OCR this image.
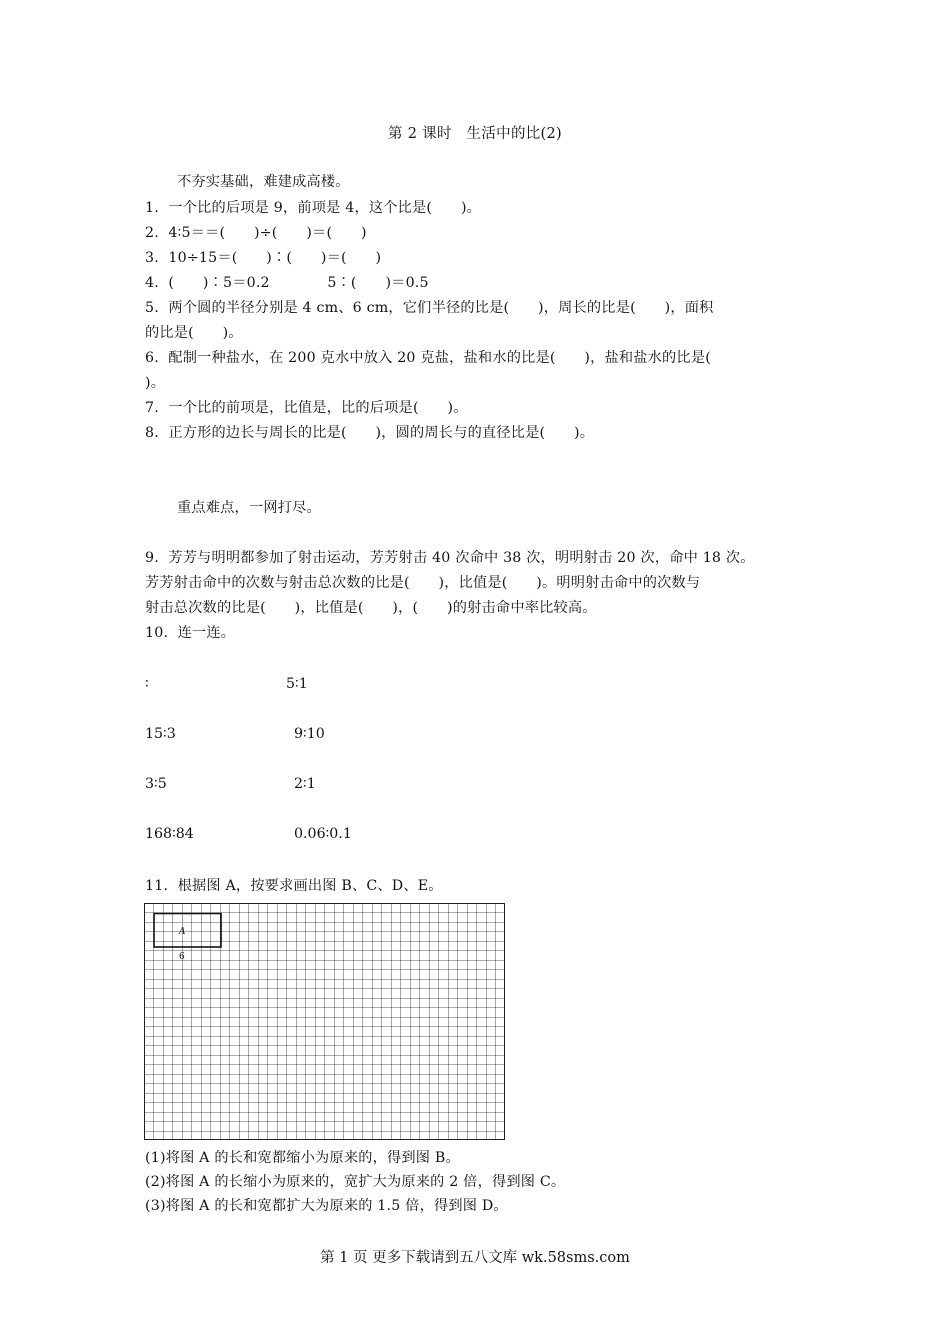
第 2 课时　生活中的比(2)
不夯实基础，难建成高楼。
1.  一个比的后项是 9，前项是 4，这个比是(　　)。
2.  4∶5＝＝(　　)÷(　　)＝(　　)
3.  10÷15＝(　　)∶(　　)＝(　　)
4.  (　　)∶5＝0.2　　　　5∶(　　)＝0.5
5.  两个圆的半径分别是 4 cm、6 cm，它们半径的比是(　　)，周长的比是(　　)，面积
的比是(　　)。
6.  配制一种盐水，在 200 克水中放入 20 克盐，盐和水的比是(　　)，盐和盐水的比是(
)。
7.  一个比的前项是，比值是，比的后项是(　　)。
8.  正方形的边长与周长的比是(　　)，圆的周长与的直径比是(　　)。
重点难点，一网打尽。
9.  芳芳与明明都参加了射击运动，芳芳射击 40 次命中 38 次，明明射击 20 次，命中 18 次。
芳芳射击命中的次数与射击总次数的比是(　　)，比值是(　　)。明明射击命中的次数与
射击总次数的比是(　　)，比值是(　　)，(　　)的射击命中率比较高。
10.  连一连。
∶	5∶1
15∶3	9∶10
3∶5	2∶1
168∶84	0.06∶0.1
11.  根据图 A，按要求画出图 B、C、D、E。
A
6
(1)将图 A 的长和宽都缩小为原来的，得到图 B。
(2)将图 A 的长缩小为原来的，宽扩大为原来的 2 倍，得到图 C。
(3)将图 A 的长和宽都扩大为原来的 1.5 倍，得到图 D。
第 1 页 更多下载请到五八文库 wk.58sms.com
